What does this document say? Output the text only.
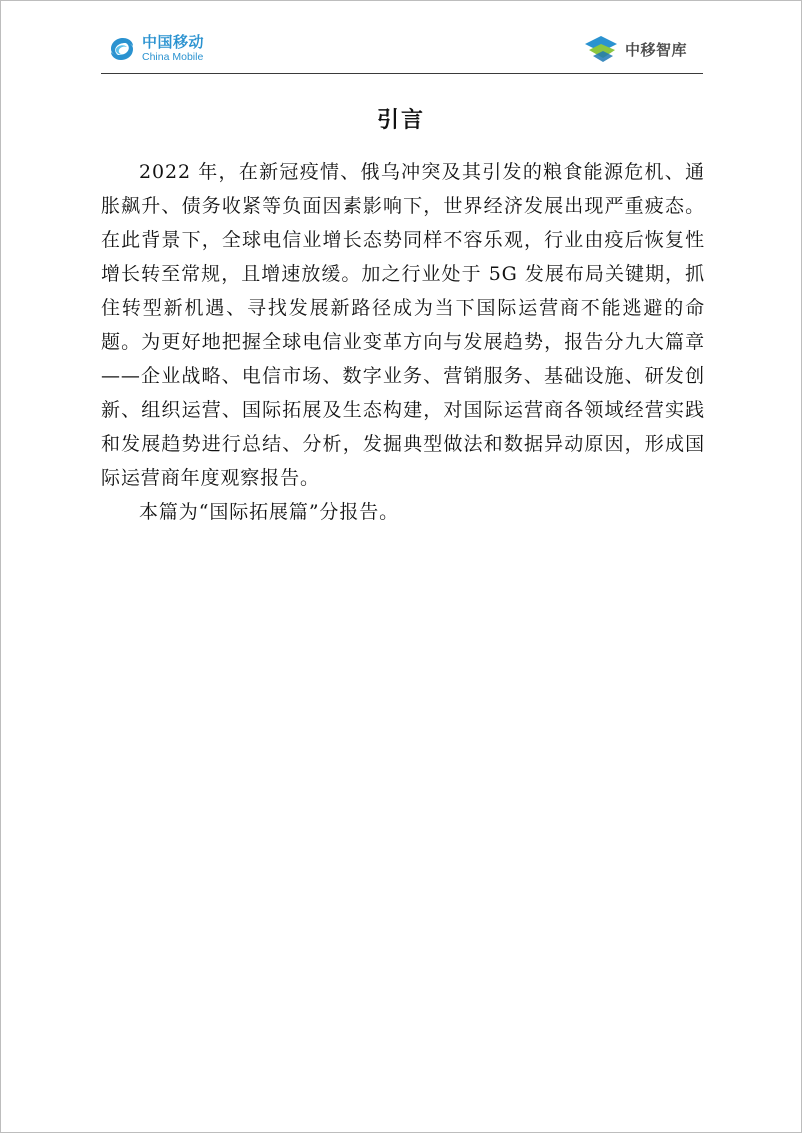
中国移动
China Mobile	中移智库
引言

2022 年，在新冠疫情、俄乌冲突及其引发的粮食能源危机、通胀飙升、债务收紧等负面因素影响下，世界经济发展出现严重疲态。在此背景下，全球电信业增长态势同样不容乐观，行业由疫后恢复性增长转至常规，且增速放缓。加之行业处于 5G 发展布局关键期，抓住转型新机遇、寻找发展新路径成为当下国际运营商不能逃避的命题。为更好地把握全球电信业变革方向与发展趋势，报告分九大篇章——企业战略、电信市场、数字业务、营销服务、基础设施、研发创新、组织运营、国际拓展及生态构建，对国际运营商各领域经营实践和发展趋势进行总结、分析，发掘典型做法和数据异动原因，形成国际运营商年度观察报告。

本篇为“国际拓展篇”分报告。
